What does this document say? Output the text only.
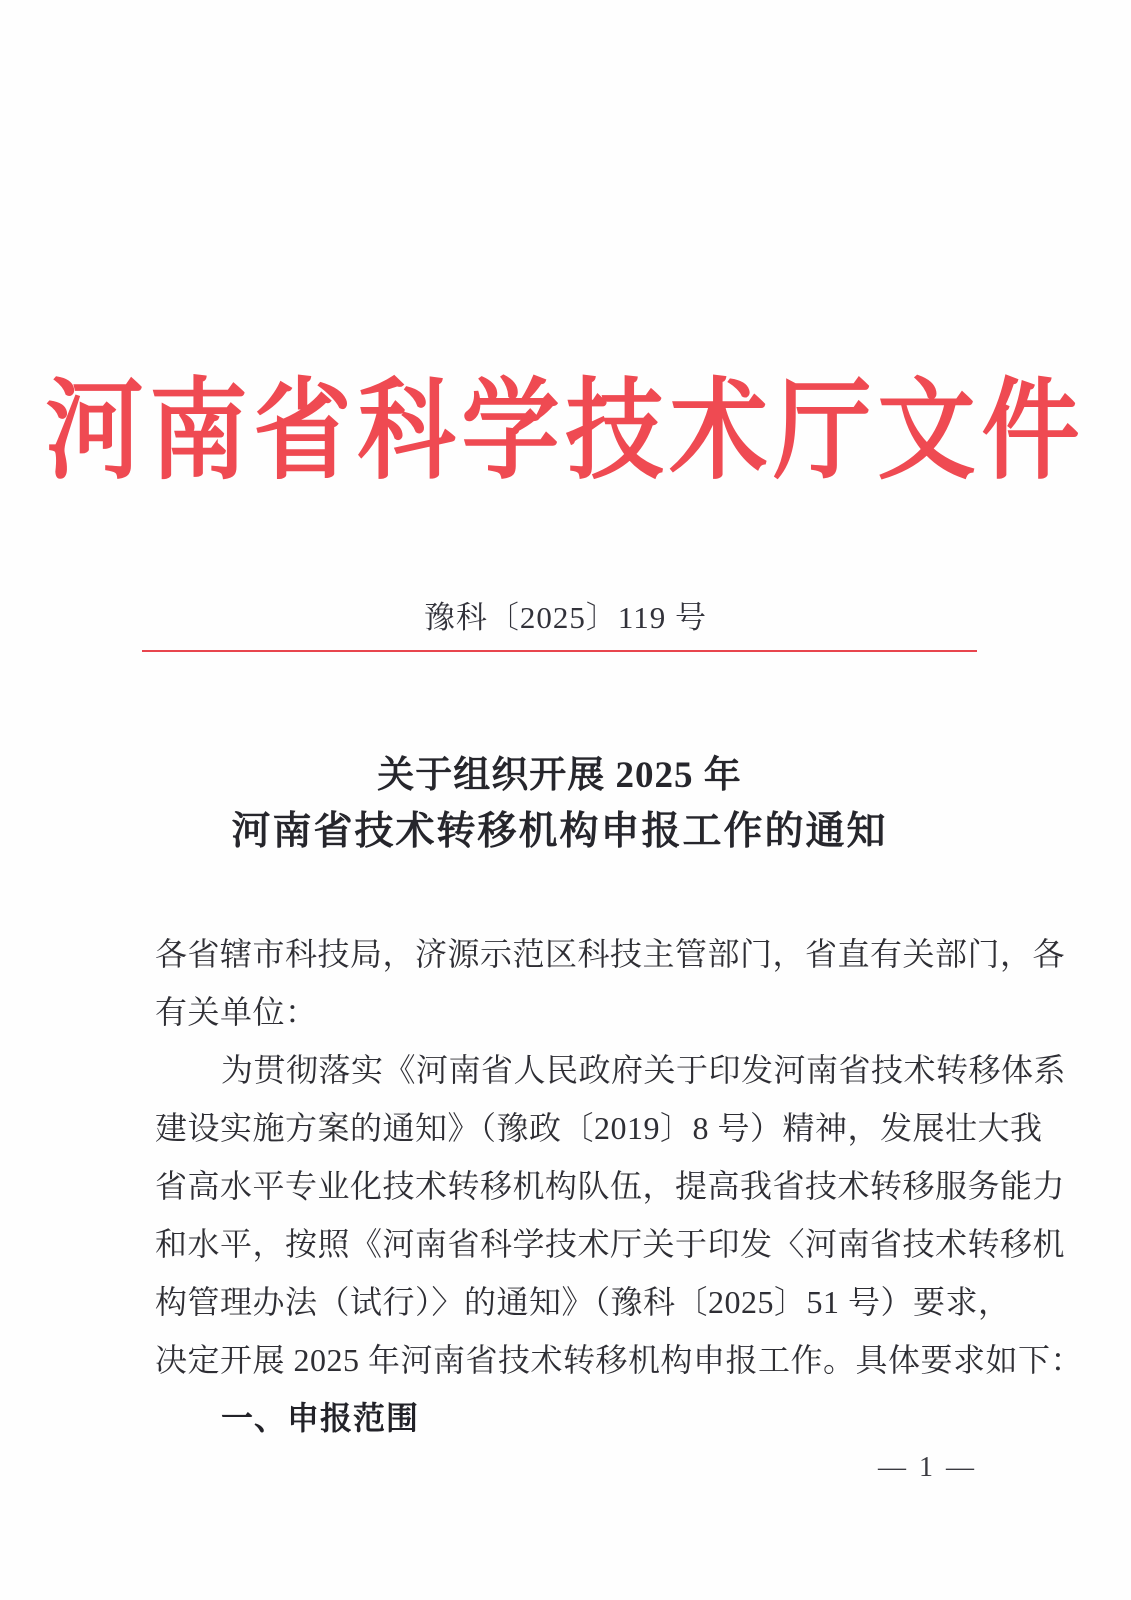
河南省科学技术厅文件
豫科〔2025〕119 号
关于组织开展 2025 年
河南省技术转移机构申报工作的通知
各省辖市科技局，济源示范区科技主管部门，省直有关部门，各
有关单位：
为贯彻落实《河南省人民政府关于印发河南省技术转移体系
建设实施方案的通知》（豫政〔2019〕8 号）精神，发展壮大我
省高水平专业化技术转移机构队伍，提高我省技术转移服务能力
和水平，按照《河南省科学技术厅关于印发〈河南省技术转移机
构管理办法（试行）〉的通知》（豫科〔2025〕51 号）要求，
决定开展 2025 年河南省技术转移机构申报工作。具体要求如下：
一、申报范围
— 1 —
